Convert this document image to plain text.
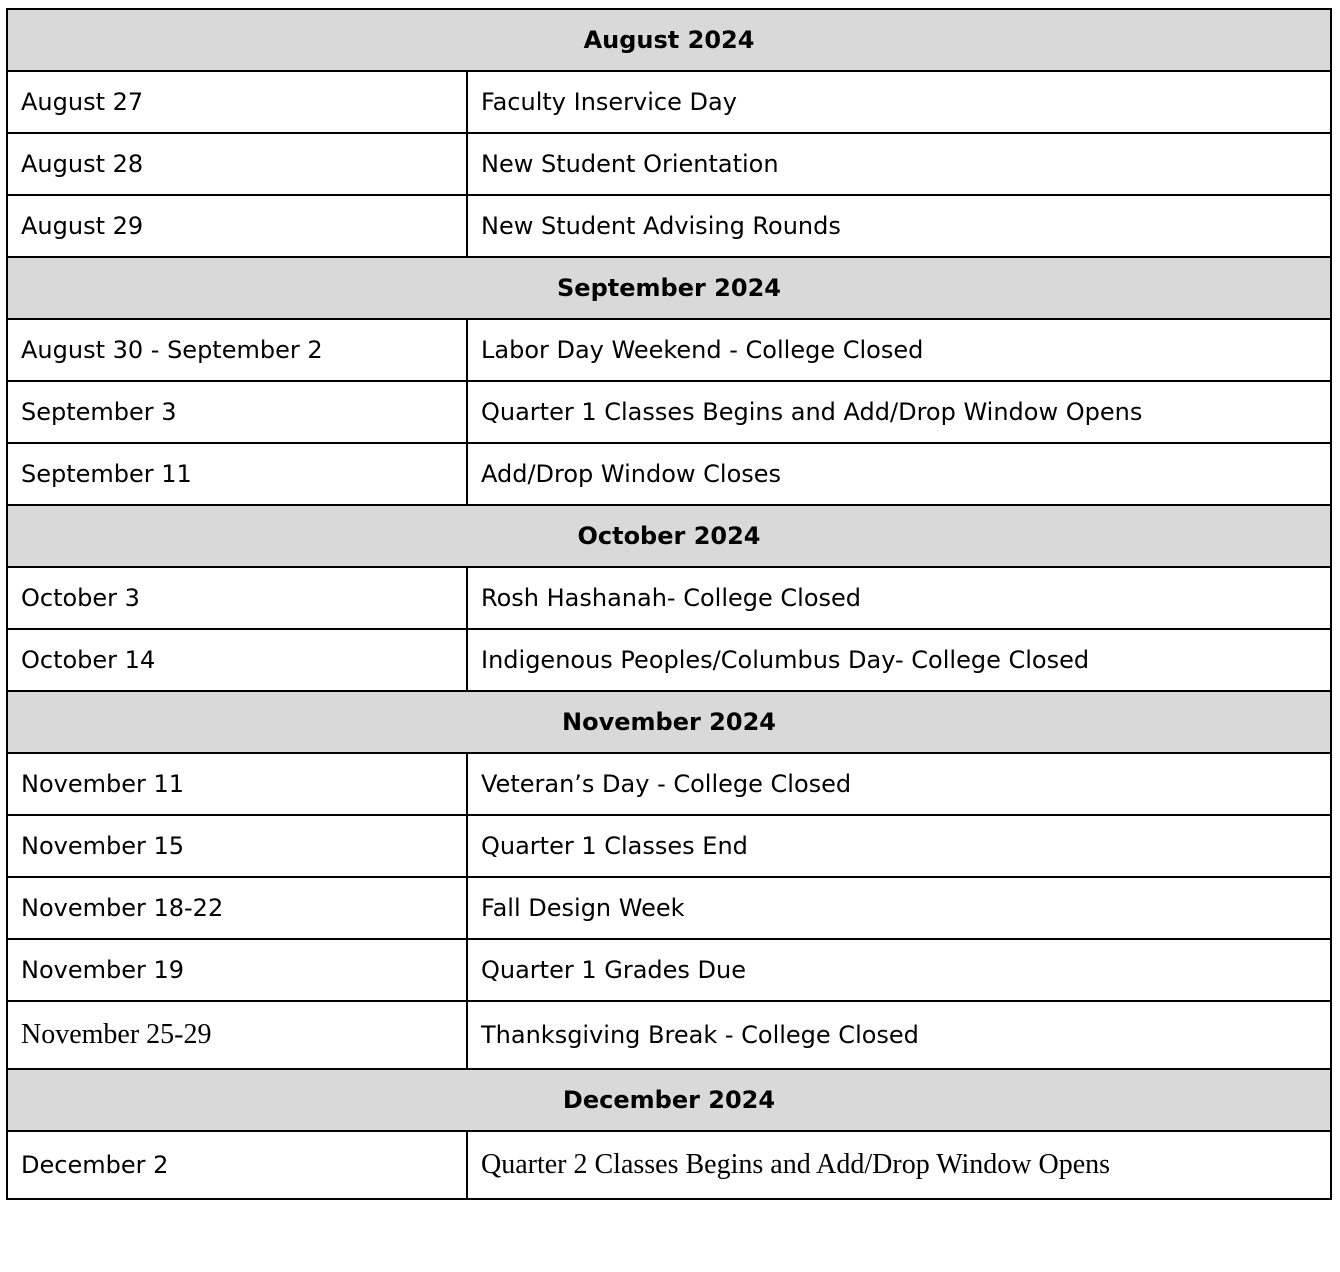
August 2024	
August 27	Faculty Inservice Day
August 28	New Student Orientation
August 29	New Student Advising Rounds
September 2024	
August 30 - September 2	Labor Day Weekend - College Closed
September 3	Quarter 1 Classes Begins and Add/Drop Window Opens
September 11	Add/Drop Window Closes
October 2024	
October 3	Rosh Hashanah- College Closed
October 14	Indigenous Peoples/Columbus Day- College Closed
November 2024	
November 11	Veteran’s Day - College Closed
November 15	Quarter 1 Classes End
November 18-22	Fall Design Week
November 19	Quarter 1 Grades Due
November 25-29	Thanksgiving Break - College Closed
December 2024	
December 2	Quarter 2 Classes Begins and Add/Drop Window Opens
